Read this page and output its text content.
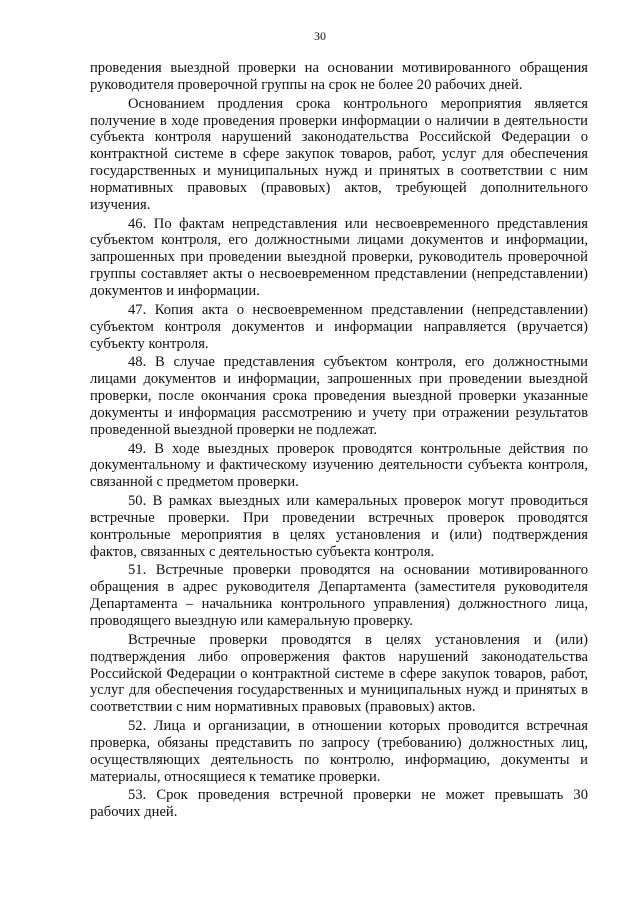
30

проведения выездной проверки на основании мотивированного обращения руководителя проверочной группы на срок не более 20 рабочих дней.

Основанием продления срока контрольного мероприятия является получение в ходе проведения проверки информации о наличии в деятельности субъекта контроля нарушений законодательства Российской Федерации о контрактной системе в сфере закупок товаров, работ, услуг для обеспечения государственных и муниципальных нужд и принятых в соответствии с ним нормативных правовых (правовых) актов, требующей дополнительного изучения.

46. По фактам непредставления или несвоевременного представления субъектом контроля, его должностными лицами документов и информации, запрошенных при проведении выездной проверки, руководитель проверочной группы составляет акты о несвоевременном представлении (непредставлении) документов и информации.

47. Копия акта о несвоевременном представлении (непредставлении) субъектом контроля документов и информации направляется (вручается) субъекту контроля.

48. В случае представления субъектом контроля, его должностными лицами документов и информации, запрошенных при проведении выездной проверки, после окончания срока проведения выездной проверки указанные документы и информация рассмотрению и учету при отражении результатов проведенной выездной проверки не подлежат.

49. В ходе выездных проверок проводятся контрольные действия по документальному и фактическому изучению деятельности субъекта контроля, связанной с предметом проверки.

50. В рамках выездных или камеральных проверок могут проводиться встречные проверки. При проведении встречных проверок проводятся контрольные мероприятия в целях установления и (или) подтверждения фактов, связанных с деятельностью субъекта контроля.

51. Встречные проверки проводятся на основании мотивированного обращения в адрес руководителя Департамента (заместителя руководителя Департамента – начальника контрольного управления) должностного лица, проводящего выездную или камеральную проверку.

Встречные проверки проводятся в целях установления и (или) подтверждения либо опровержения фактов нарушений законодательства Российской Федерации о контрактной системе в сфере закупок товаров, работ, услуг для обеспечения государственных и муниципальных нужд и принятых в соответствии с ним нормативных правовых (правовых) актов.

52. Лица и организации, в отношении которых проводится встречная проверка, обязаны представить по запросу (требованию) должностных лиц, осуществляющих деятельность по контролю, информацию, документы и материалы, относящиеся к тематике проверки.

53. Срок проведения встречной проверки не может превышать 30 рабочих дней.
